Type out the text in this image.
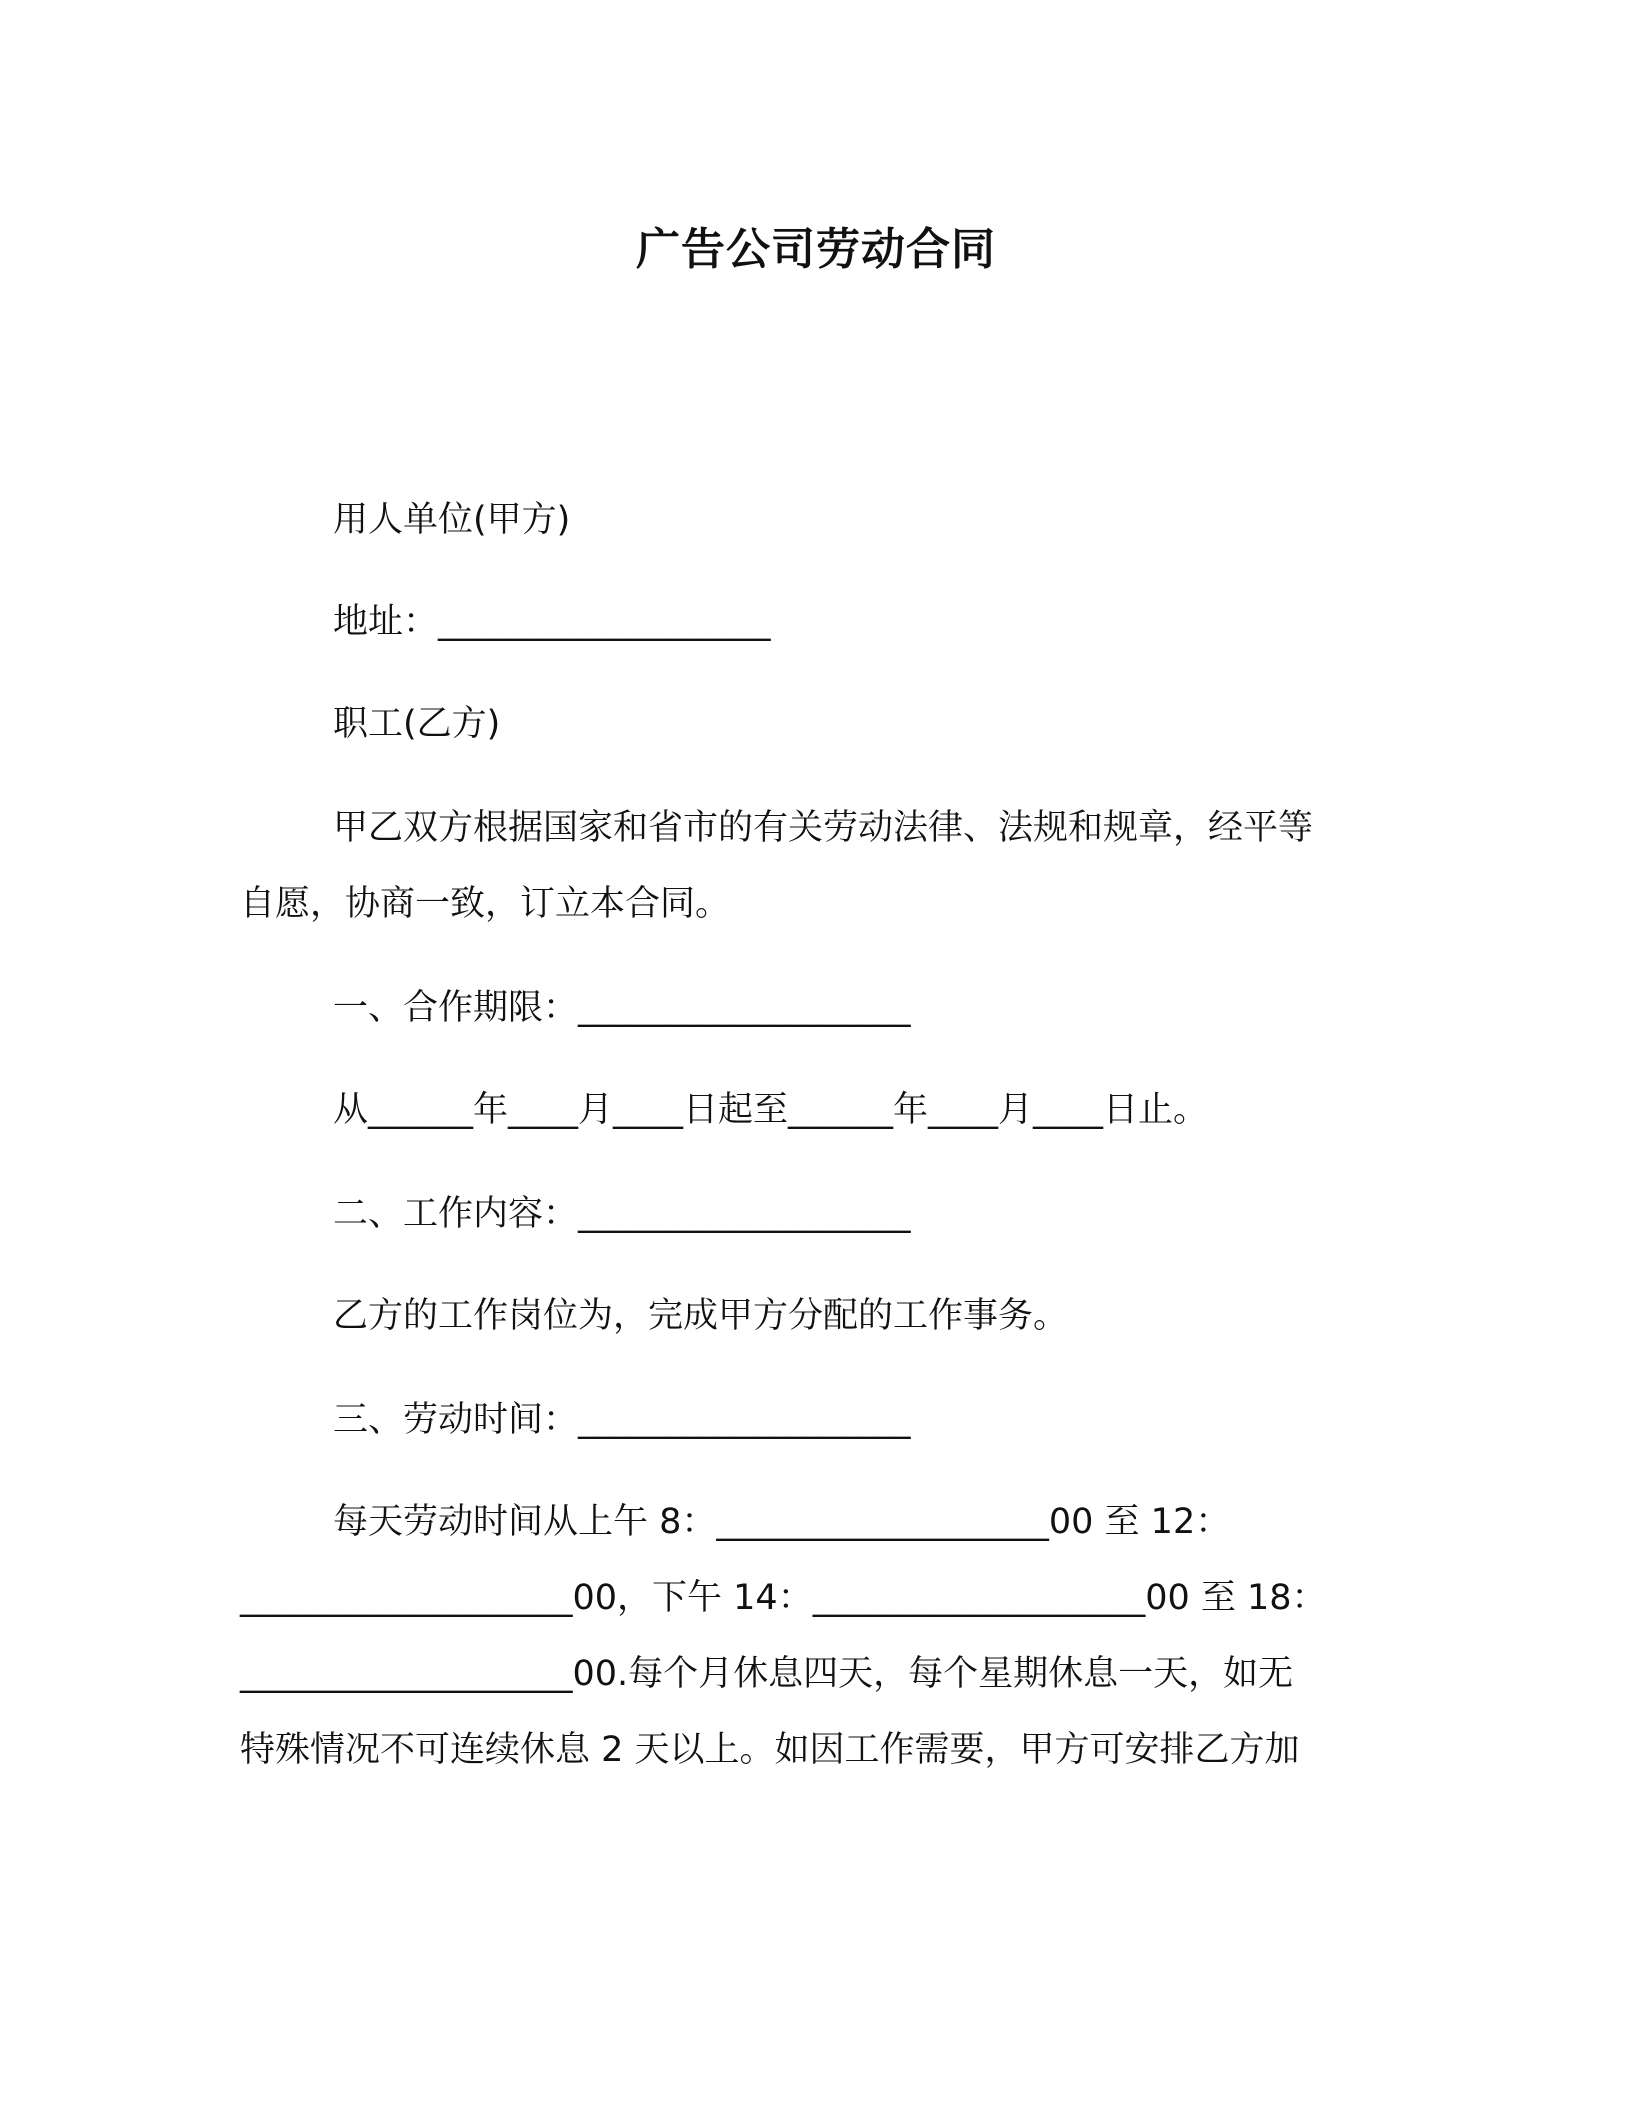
广告公司劳动合同
用人单位(甲方)
地址：___________________
职工(乙方)
甲乙双方根据国家和省市的有关劳动法律、法规和规章，经平等
自愿，协商一致，订立本合同。
一、合作期限：___________________
从______年____月____日起至______年____月____日止。
二、工作内容：___________________
乙方的工作岗位为，完成甲方分配的工作事务。
三、劳动时间：___________________
每天劳动时间从上午 8：___________________00 至 12：
___________________00，下午 14：___________________00 至 18：
___________________00.每个月休息四天，每个星期休息一天，如无
特殊情况不可连续休息 2 天以上。如因工作需要，甲方可安排乙方加
